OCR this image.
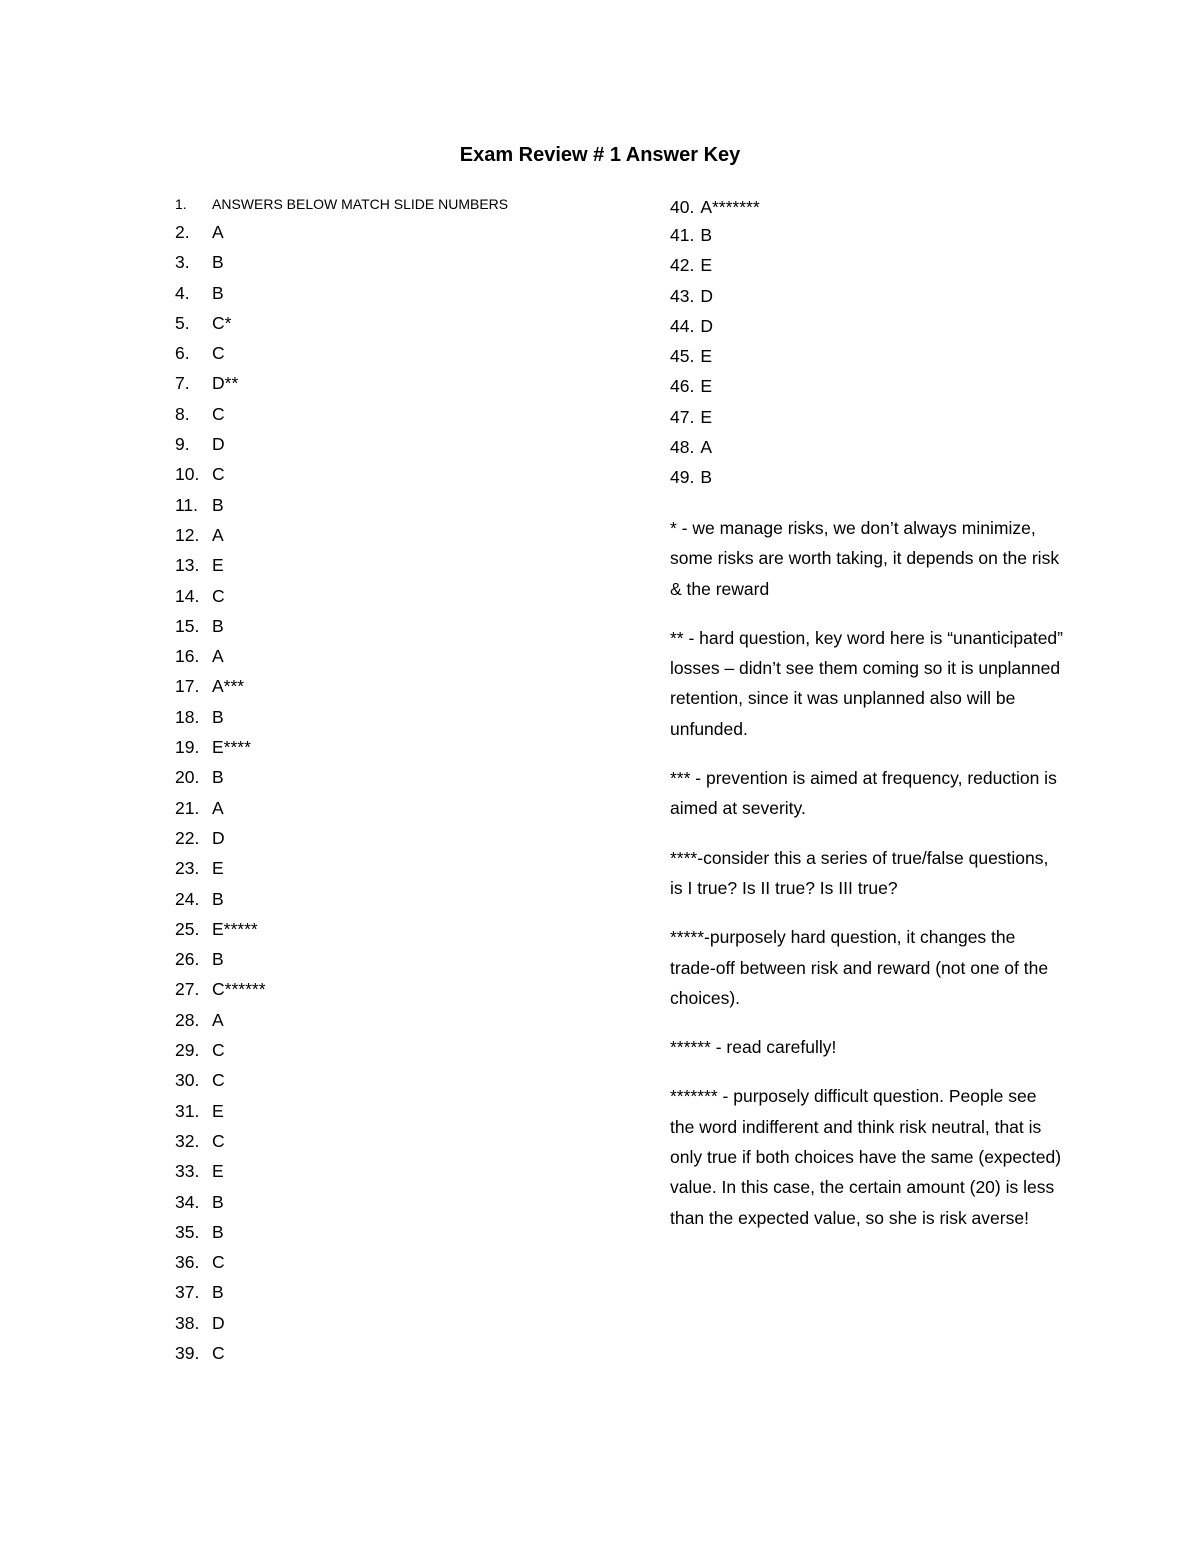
Exam Review # 1 Answer Key
1. ANSWERS BELOW MATCH SLIDE NUMBERS
2. A
3. B
4. B
5. C*
6. C
7. D**
8. C
9. D
10. C
11. B
12. A
13. E
14. C
15. B
16. A
17. A***
18. B
19. E****
20. B
21. A
22. D
23. E
24. B
25. E*****
26. B
27. C******
28. A
29. C
30. C
31. E
32. C
33. E
34. B
35. B
36. C
37. B
38. D
39. C
40. A*******
41. B
42. E
43. D
44. D
45. E
46. E
47. E
48. A
49. B

* - we manage risks, we don’t always minimize, some risks are worth taking, it depends on the risk & the reward

** - hard question, key word here is “unanticipated” losses – didn’t see them coming so it is unplanned retention, since it was unplanned also will be unfunded.

*** - prevention is aimed at frequency, reduction is aimed at severity.

****-consider this a series of true/false questions, is I true? Is II true? Is III true?

*****-purposely hard question, it changes the trade-off between risk and reward (not one of the choices).

****** - read carefully!

******* - purposely difficult question. People see the word indifferent and think risk neutral, that is only true if both choices have the same (expected) value. In this case, the certain amount (20) is less than the expected value, so she is risk averse!
